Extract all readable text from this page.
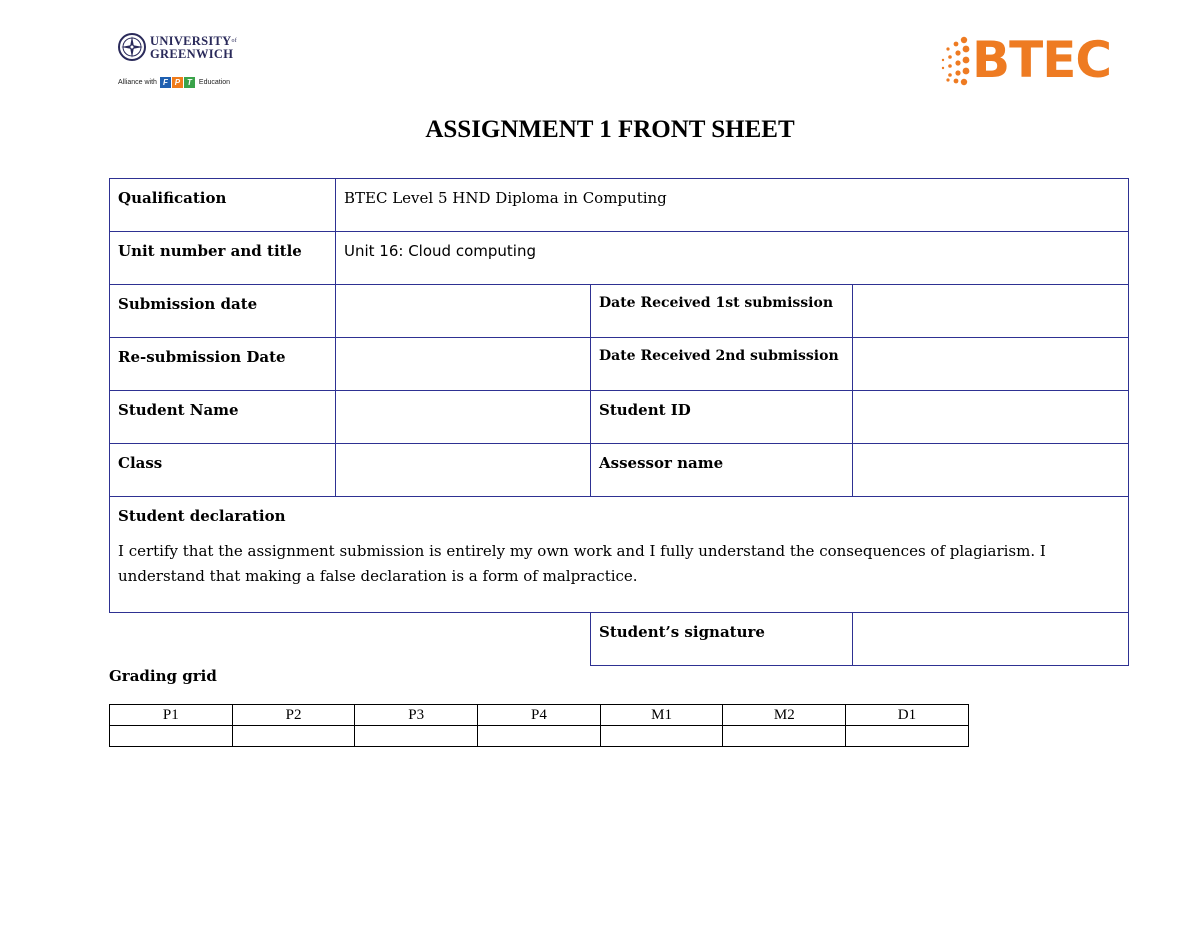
$UNIVERSITY^{of}$
GREENWICH
Alliance with F P T	Education	BTEC
ASSIGNMENT 1 FRONT SHEET
Qualification	BTEC Level 5 HND Diploma in Computing		
Unit number and title	Unit 16: Cloud computing		
Submission date		Date Received 1st submission	
Re-submission Date		Date Received 2nd submission	
Student Name		Student ID	
Class		Assessor name	

Student declaration
I certify that the assignment submission is entirely my own work and I fully understand the consequences of plagiarism. I understand that making a false declaration is a form of malpractice.			

		Student’s signature	
Grading grid
P1	P2	P3	P4	M1	M2	D1
